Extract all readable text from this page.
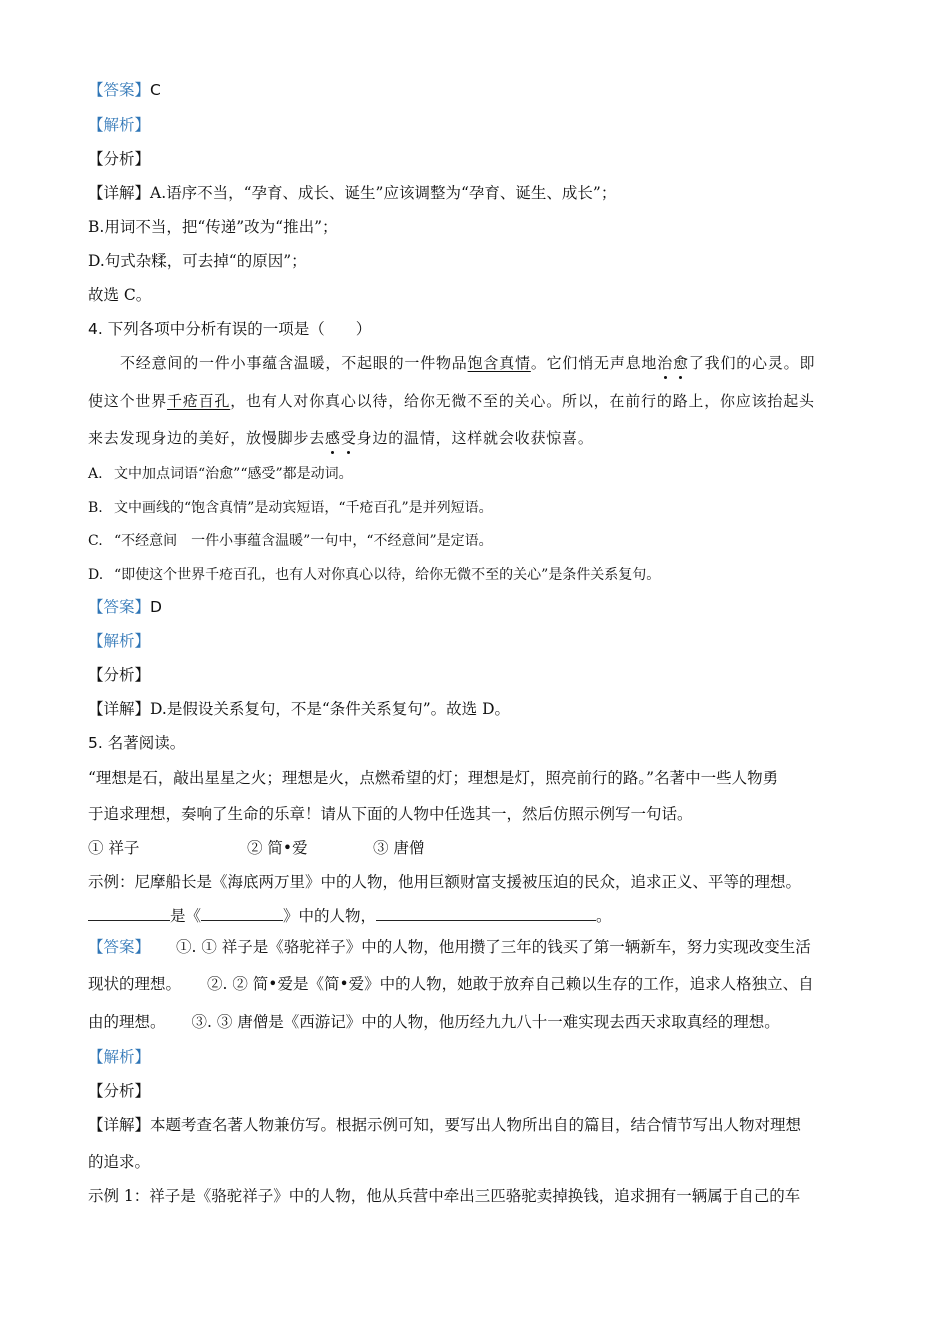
【答案】C
【解析】
【分析】
【详解】A.语序不当，“孕育、成长、诞生”应该调整为“孕育、诞生、成长”；
B.用词不当，把“传递”改为“推出”；
D.句式杂糅，可去掉“的原因”；
故选 C。
4. 下列各项中分析有误的一项是（　　）
不经意间的一件小事蕴含温暖，不起眼的一件物品饱含真情。它们悄无声息地治愈了我们的心灵。即
使这个世界千疮百孔，也有人对你真心以待，给你无微不至的关心。所以，在前行的路上，你应该抬起头
来去发现身边的美好，放慢脚步去感受身边的温情，这样就会收获惊喜。
A. 文中加点词语“治愈”“感受”都是动词。
B. 文中画线的“饱含真情”是动宾短语，“千疮百孔”是并列短语。
C. “不经意间　一件小事蕴含温暖”一句中，“不经意间”是定语。
D. “即使这个世界千疮百孔，也有人对你真心以待，给你无微不至的关心”是条件关系复句。
【答案】D
【解析】
【分析】
【详解】D.是假设关系复句，不是“条件关系复句”。故选 D。
5. 名著阅读。
“理想是石，敲出星星之火；理想是火，点燃希望的灯；理想是灯，照亮前行的路。”名著中一些人物勇
于追求理想，奏响了生命的乐章！请从下面的人物中任选其一，然后仿照示例写一句话。
① 祥子	② 简•爱	③ 唐僧
示例：尼摩船长是《海底两万里》中的人物，他用巨额财富支援被压迫的民众，追求正义、平等的理想。
是《	》中的人物，	。
【答案】 ①. ① 祥子是《骆驼祥子》中的人物，他用攒了三年的钱买了第一辆新车，努力实现改变生活
现状的理想。 ②. ② 简•爱是《简•爱》中的人物，她敢于放弃自己赖以生存的工作，追求人格独立、自
由的理想。 ③. ③ 唐僧是《西游记》中的人物，他历经九九八十一难实现去西天求取真经的理想。
【解析】
【分析】
【详解】本题考查名著人物兼仿写。根据示例可知，要写出人物所出自的篇目，结合情节写出人物对理想
的追求。
示例 1：祥子是《骆驼祥子》中的人物，他从兵营中牵出三匹骆驼卖掉换钱，追求拥有一辆属于自己的车
